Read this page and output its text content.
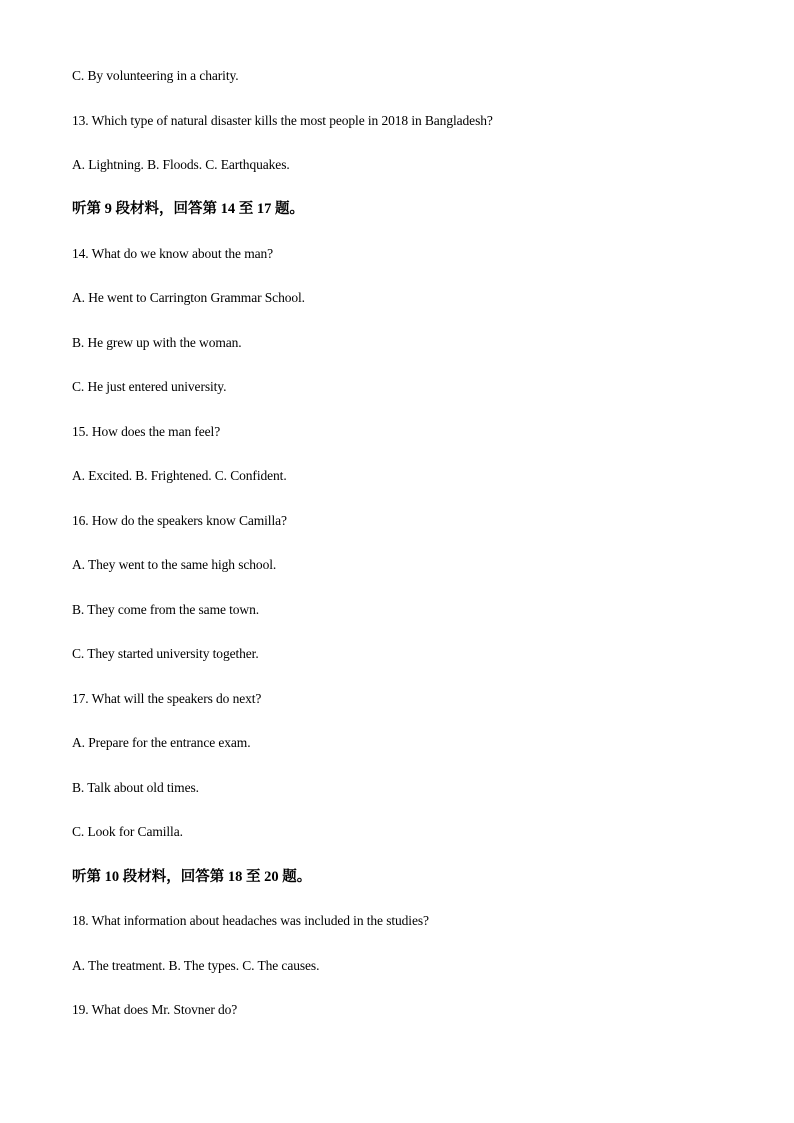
C. By volunteering in a charity.
13. Which type of natural disaster kills the most people in 2018 in Bangladesh?
A. Lightning. B. Floods. C. Earthquakes.
听第 9 段材料，回答第 14 至 17 题。
14. What do we know about the man?
A. He went to Carrington Grammar School.
B. He grew up with the woman.
C. He just entered university.
15. How does the man feel?
A. Excited. B. Frightened. C. Confident.
16. How do the speakers know Camilla?
A. They went to the same high school.
B. They come from the same town.
C. They started university together.
17. What will the speakers do next?
A. Prepare for the entrance exam.
B. Talk about old times.
C. Look for Camilla.
听第 10 段材料，回答第 18 至 20 题。
18. What information about headaches was included in the studies?
A. The treatment. B. The types. C. The causes.
19. What does Mr. Stovner do?
